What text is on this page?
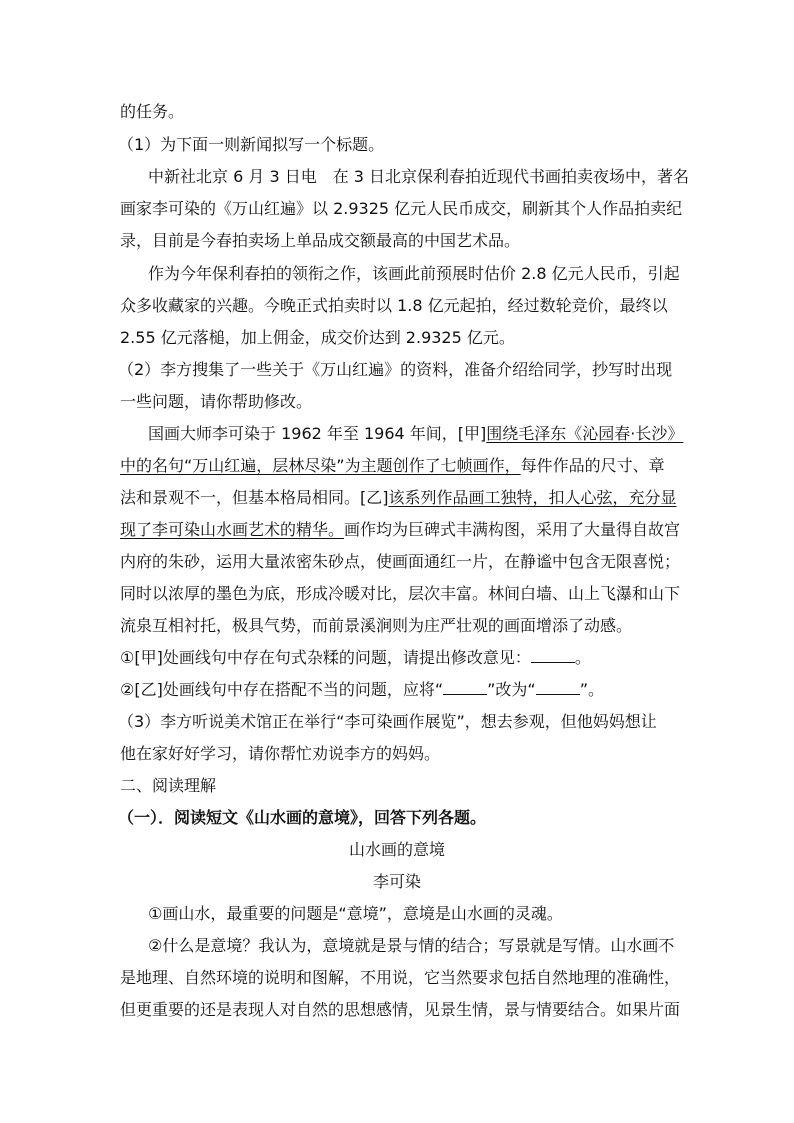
的任务。
（1）为下面一则新闻拟写一个标题。
中新社北京 6 月 3 日电　在 3 日北京保利春拍近现代书画拍卖夜场中，著名
画家李可染的《万山红遍》以 2.9325 亿元人民币成交，刷新其个人作品拍卖纪
录，目前是今春拍卖场上单品成交额最高的中国艺术品。
作为今年保利春拍的领衔之作，该画此前预展时估价 2.8 亿元人民币，引起
众多收藏家的兴趣。今晚正式拍卖时以 1.8 亿元起拍，经过数轮竞价，最终以
2.55 亿元落槌，加上佣金，成交价达到 2.9325 亿元。
（2）李方搜集了一些关于《万山红遍》的资料，准备介绍给同学，抄写时出现
一些问题，请你帮助修改。
国画大师李可染于 1962 年至 1964 年间，[甲]围绕毛泽东《沁园春·长沙》
中的名句“万山红遍，层林尽染”为主题创作了七帧画作，每件作品的尺寸、章
法和景观不一，但基本格局相同。[乙]该系列作品画工独特，扣人心弦，充分显
现了李可染山水画艺术的精华。画作均为巨碑式丰满构图，采用了大量得自故宫
内府的朱砂，运用大量浓密朱砂点，使画面通红一片，在静谧中包含无限喜悦；
同时以浓厚的墨色为底，形成冷暖对比，层次丰富。林间白墙、山上飞瀑和山下
流泉互相衬托，极具气势，而前景溪涧则为庄严壮观的画面增添了动感。
①[甲]处画线句中存在句式杂糅的问题，请提出修改意见：	。
②[乙]处画线句中存在搭配不当的问题，应将“	”改为“	”。
（3）李方听说美术馆正在举行“李可染画作展览”，想去参观，但他妈妈想让
他在家好好学习，请你帮忙劝说李方的妈妈。
二、阅读理解
（一）．阅读短文《山水画的意境》，回答下列各题。
山水画的意境
李可染
①画山水，最重要的问题是“意境”，意境是山水画的灵魂。
②什么是意境？我认为，意境就是景与情的结合；写景就是写情。山水画不
是地理、自然环境的说明和图解，不用说，它当然要求包括自然地理的准确性，
但更重要的还是表现人对自然的思想感情，见景生情，景与情要结合。如果片面
